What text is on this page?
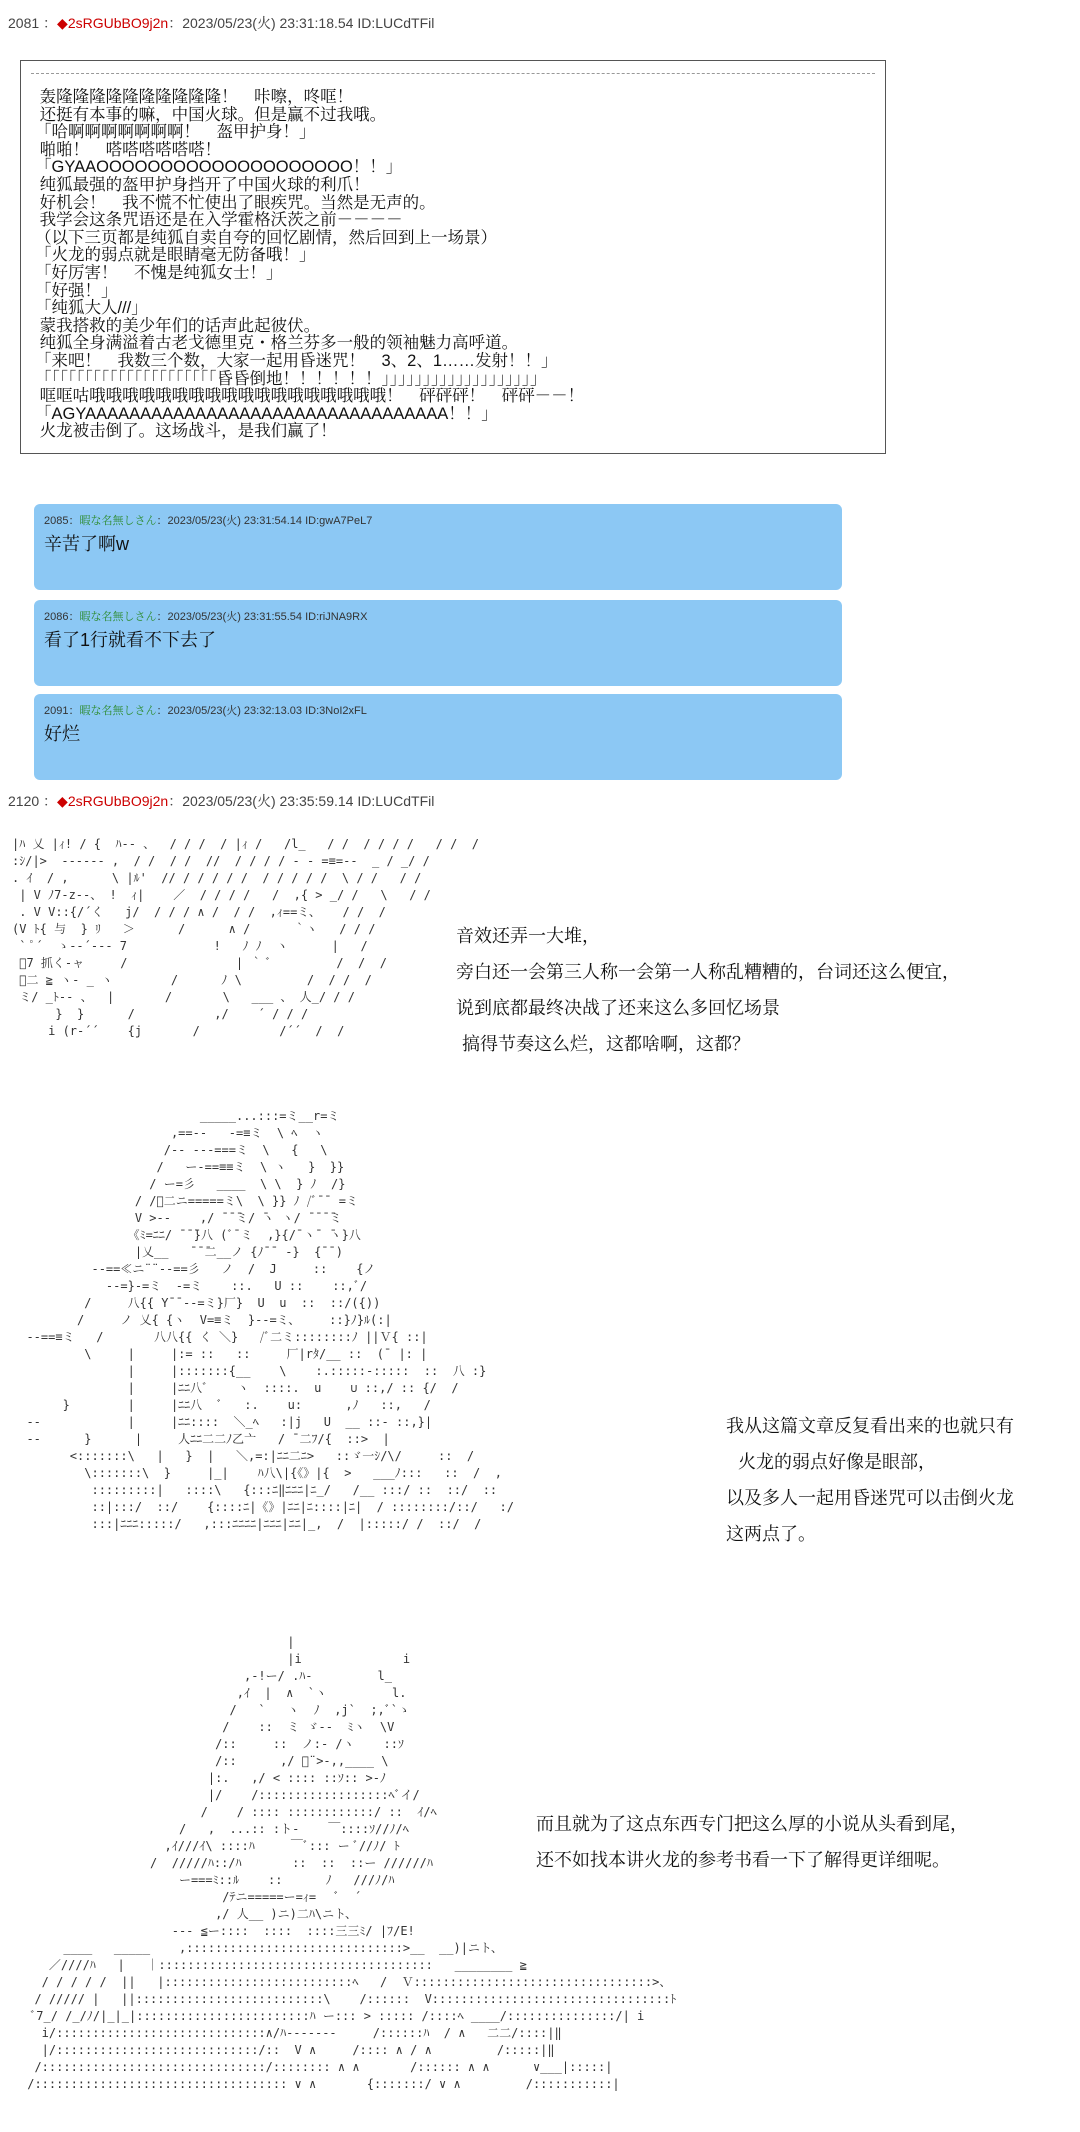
2081 ：◆2sRGUbBO9j2n：2023/05/23(火) 23:31:18.54 ID:LUCdTFil
轰隆隆隆隆隆隆隆隆隆隆！　咔嚓，咚哐！
还挺有本事的嘛，中国火球。但是赢不过我哦。
「哈啊啊啊啊啊啊啊！　盔甲护身！」
啪啪！　嗒嗒嗒嗒嗒嗒！
「GYAAOOOOOOOOOOOOOOOOOOOO！！」
纯狐最强的盔甲护身挡开了中国火球的利爪！
好机会！　我不慌不忙使出了眼疾咒。当然是无声的。
我学会这条咒语还是在入学霍格沃茨之前－－－－
（以下三页都是纯狐自卖自夸的回忆剧情，然后回到上一场景）
「火龙的弱点就是眼睛毫无防备哦！」
「好厉害！　不愧是纯狐女士！」
「好强！」
「纯狐大人///」
蒙我搭救的美少年们的话声此起彼伏。
纯狐全身满溢着古老戈德里克・格兰芬多一般的领袖魅力高呼道。
「来吧！　我数三个数，大家一起用昏迷咒！　3、2、1……发射！！」
「「「「「「「「「「「「「「「「「「「「「昏昏倒地！！！！！！」」」」」」」」」」」」」」」」」」」
哐哐咕哦哦哦哦哦哦哦哦哦哦哦哦哦哦哦哦哦哦！　砰砰砰！　砰砰－－！
「AGYAAAAAAAAAAAAAAAAAAAAAAAAAAAAAAAAA！！」
火龙被击倒了。这场战斗，是我们赢了！
2085：暇な名無しさん：2023/05/23(火) 23:31:54.14 ID:gwA7PeL7
辛苦了啊w
2086：暇な名無しさん：2023/05/23(火) 23:31:55.54 ID:riJNA9RX
看了1行就看不下去了
2091：暇な名無しさん：2023/05/23(火) 23:32:13.03 ID:3NoI2xFL
好烂
2120 ：◆2sRGUbBO9j2n：2023/05/23(火) 23:35:59.14 ID:LUCdTFil
|ﾊ 乂 |ｨ! / {  ﾊ-- 、  / / /  / |ｨ /   /l_   / /  / / / /   / /  /
:ｼ/|>  -----‐ ,  / /  / /  //  / / / / - - =≡=--  _ / _/ /
. ｲ  / ,      \ |ﾙ'  // / / / / /  / / / / /  \ / /   / /
| V ﾉ7-z--、 !  ｨ|    ／  / / / /   /  ,{ > _/ /   \   / /
. V V::{/´く   j/  / / / ∧ /  / /  ,ｨ==ミ、   / /  /
(V ﾄ{ 与  } ﾘ   ＞      /      ∧ /      ｀ヽ   / / /
` ﾟ´  ゝ-‐´--- 7            !   ﾉ ﾉ  ヽ      |   /
ﾞ7 抓く-ャ     /               | ｀ ﾞ         /  /  /
ﾞ二 ≧ ヽ- _ ヽ        /      ﾉ \         /  / /  /
ミ/ _ﾄ-- 、  |       /       \   ___ 、 人_/ / /
}  }      /           ,/    ´ / / /
i (r-´´    {j       /           /´´  /  /
音效还弄一大堆，
旁白还一会第三人称一会第一人称乱糟糟的，台词还这么便宜，
说到底都最终决战了还来这么多回忆场景
搞得节奏这么烂，这都啥啊，这都？
_____...:::=ミ__r=ミ
,==--   ‐=≡ミ  \ ﾍ  ヽ
/‐‐ ---===ミ  \   {   \
/   ー-==≡≡ミ  \ ヽ   }  }}
/ ー=彡   ____  \ \  } ﾉ  /}
/ /ﾞ二ニ=====ミ\  \ }} ﾉ /ﾞ¯¯ =ミ
V >--    ,/ ̄ ̄ ̄ミ/ ̄ヽ ヽ/ ̄ ̄ ̄ ̄ミ
《ﾐ=ﾆﾆ/ ̄ ̄ ̄}八 (ﾞ¯ミ  ,}{/¯ヽ¯ ̄ヽ}八
|乂__   ̄ ̄ ̄二__ノ {ﾉ¯¯ ‐}  {¯¯)
--==≪ニ¨¨--==彡   ノ  /  J     ::    {ノ
--=}-=ミ  -=ミ    ::.   U ::    ::,ﾞ/
/     八{{ Y¯¯--=ミ}厂}  U  u  ::  ::/({))
/     ノ 乂{ {ヽ  V=≡ミ  }--=ミ、    ::}ﾉ}ﾙ(:|
--==≡ミ   /       八八{{ く ＼}   /ﾞ二ミ::::::::ﾉ ||Ｖ{ ::|
\     |     |:= ::   ::     厂|rﾀ/__ ::  (¯ |: |
|     |:::::::{__    \    :.:::::-:::::  ::  八 :}
|     |ﾆﾆ八ﾞ    ヽ  ::::.  u    ∪ ::,/ :: {/  /
}        |     |ﾆﾆ八  ﾞ   :.    u:      ,ﾉ   ::,   /
--            |     |ﾆﾆ::::  ＼_ﾍ   :|j   U  __ ::- ::,}|
--      }      |     人ﾆﾆ二二ﾉ乙亠   / ¯二ﾌ/{  ::>  |
<:::::::\   |   }  |   ＼,=:|ﾆﾆ二ﾆ>   ::ゞ一ｼ/\/     ::  /
\:::::::\  }     |_|    ﾊ八\|{《》|{  >   ___ﾉ:::   ::  /  ,
:::::::::|   ::::\   {:::ﾆ‖ﾆﾆﾆ|ﾆ_/   /__ :::/ ::  ::/  ::
::|:::/  ::/    {::::ﾆ|《》|ﾆﾆ|ﾆ::::|ﾆ|  / ::::::::/::/   :/
:::|ﾆﾆﾆ:::::/   ,:::ﾆﾆﾆﾆ|ﾆﾆﾆ|ﾆﾆ|_,  /  |:::::/ /  ::/  /
我从这篇文章反复看出来的也就只有
火龙的弱点好像是眼部，
以及多人一起用昏迷咒可以击倒火龙
这两点了。
|
|i              i
,-!ー/ .ﾊ‐         l_
,ｲ  |  ∧  `ヽ         l.
/   `   ヽ  ﾉ  ,j`  ;,ﾞ`ゝ
/    ::  ミ ゞ-‐  ﾐヽ  \V
/::     ::  ノ:‐ /ヽ    ::ｿ
/::      ,/ ﾞ¨>-,,____ \
|:.   ,/ < :::: ::ｿ:: >-ﾉ
|/    /::::::::::::::::::ﾍﾞイ/
/    / :::: ::::::::::::/ ::  ｲ/ﾍ
/   ,  ...:: :ト-    ￣::::ｿ//ﾉ/ﾍ
,ｲ///ｲ\ ::::ﾊ     ￣ﾞ::: ー ﾞ//ﾉ/ ﾄ
/  /////ﾊ::/ﾊ       ::  ::  ::ー //////ﾊ
ー===ﾐ::ﾙ    ::      ﾉ   ///ﾉ/ﾊ
/ﾃニ=====ー=ｨ=   ﾞ  ´
,/ 人__ )ニ)二ﾊ\ニト、
--- ≦ー::::  ::::  ::::三三ﾐ/ |ﾌ/E!
____   _____    ,::::::::::::::::::::::::::::::>__  __)|ニト、
／////ﾊ   |   ｜::::::::::::::::::::::::::::::::::::::   ________ ≧
/ / / / /  ||   |::::::::::::::::::::::::::ﾍ   /  Ｖ:::::::::::::::::::::::::::::::::>、
/ ///// |   ||::::::::::::::::::::::::::\    /::::::  V:::::::::::::::::::::::::::::::::ﾄ
ﾞ7_/ /_/ﾉ/|_|_|::::::::::::::::::::::::ﾊ ー::: > ::::: /::::ﾍ ____/:::::::::::::::/| i
i/:::::::::::::::::::::::::::::∧/ﾊ-------     /::::::ﾊ  / ∧   二二/::::|‖
|/::::::::::::::::::::::::::::/::  V ∧     /:::: ∧ / ∧         /:::::|‖
/:::::::::::::::::::::::::::::::/:::::::: ∧ ∧       /:::::: ∧ ∧      ∨___|:::::|
/::::::::::::::::::::::::::::::::::: ∨ ∧       {:::::::/ ∨ ∧         /:::::::::::|
而且就为了这点东西专门把这么厚的小说从头看到尾，
还不如找本讲火龙的参考书看一下了解得更详细呢。
